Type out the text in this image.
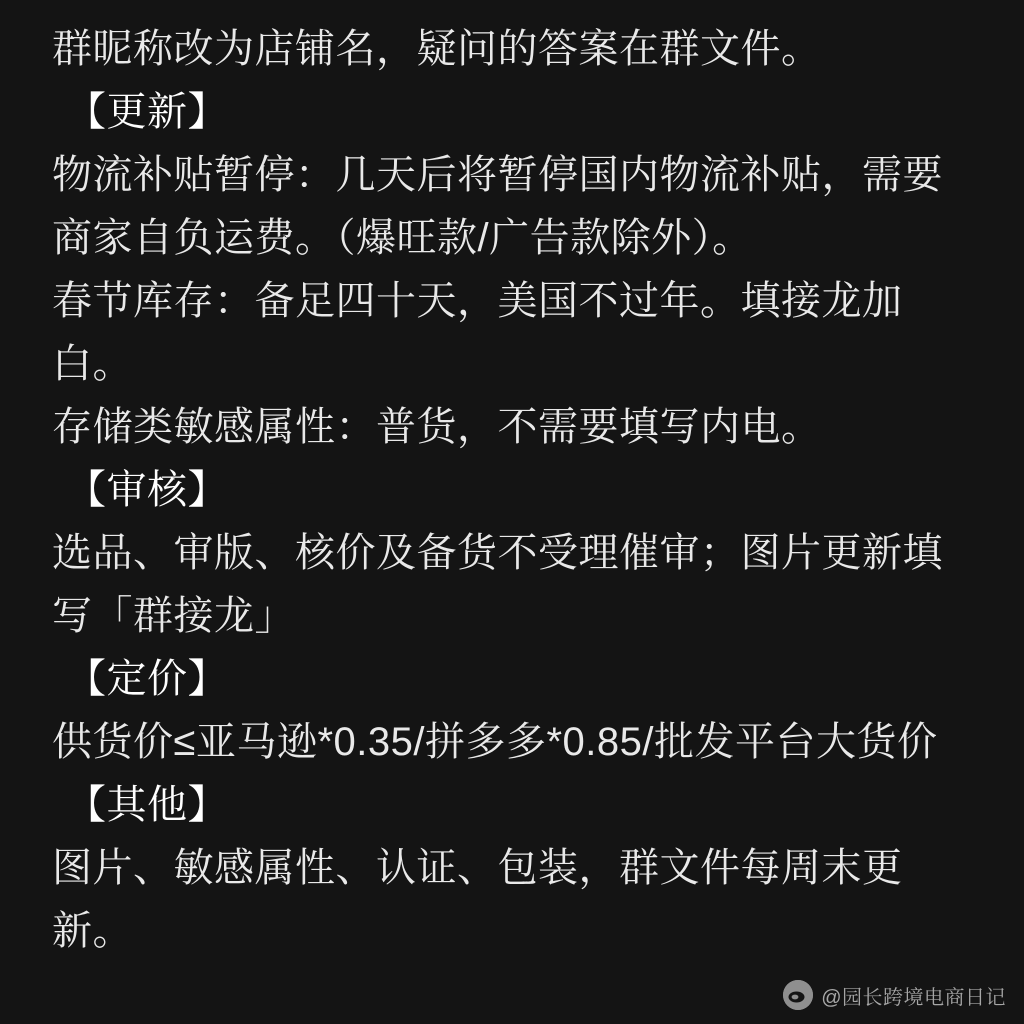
群昵称改为店铺名，疑问的答案在群文件。
【更新】
物流补贴暂停：几天后将暂停国内物流补贴，需要商家自负运费。（爆旺款/广告款除外）。
春节库存：备足四十天，美国不过年。填接龙加白。
存储类敏感属性：普货，不需要填写内电。
【审核】
选品、审版、核价及备货不受理催审；图片更新填写「群接龙」
【定价】
供货价≤亚马逊*0.35/拼多多*0.85/批发平台大货价
【其他】
图片、敏感属性、认证、包装，群文件每周末更新。
@园长跨境电商日记
